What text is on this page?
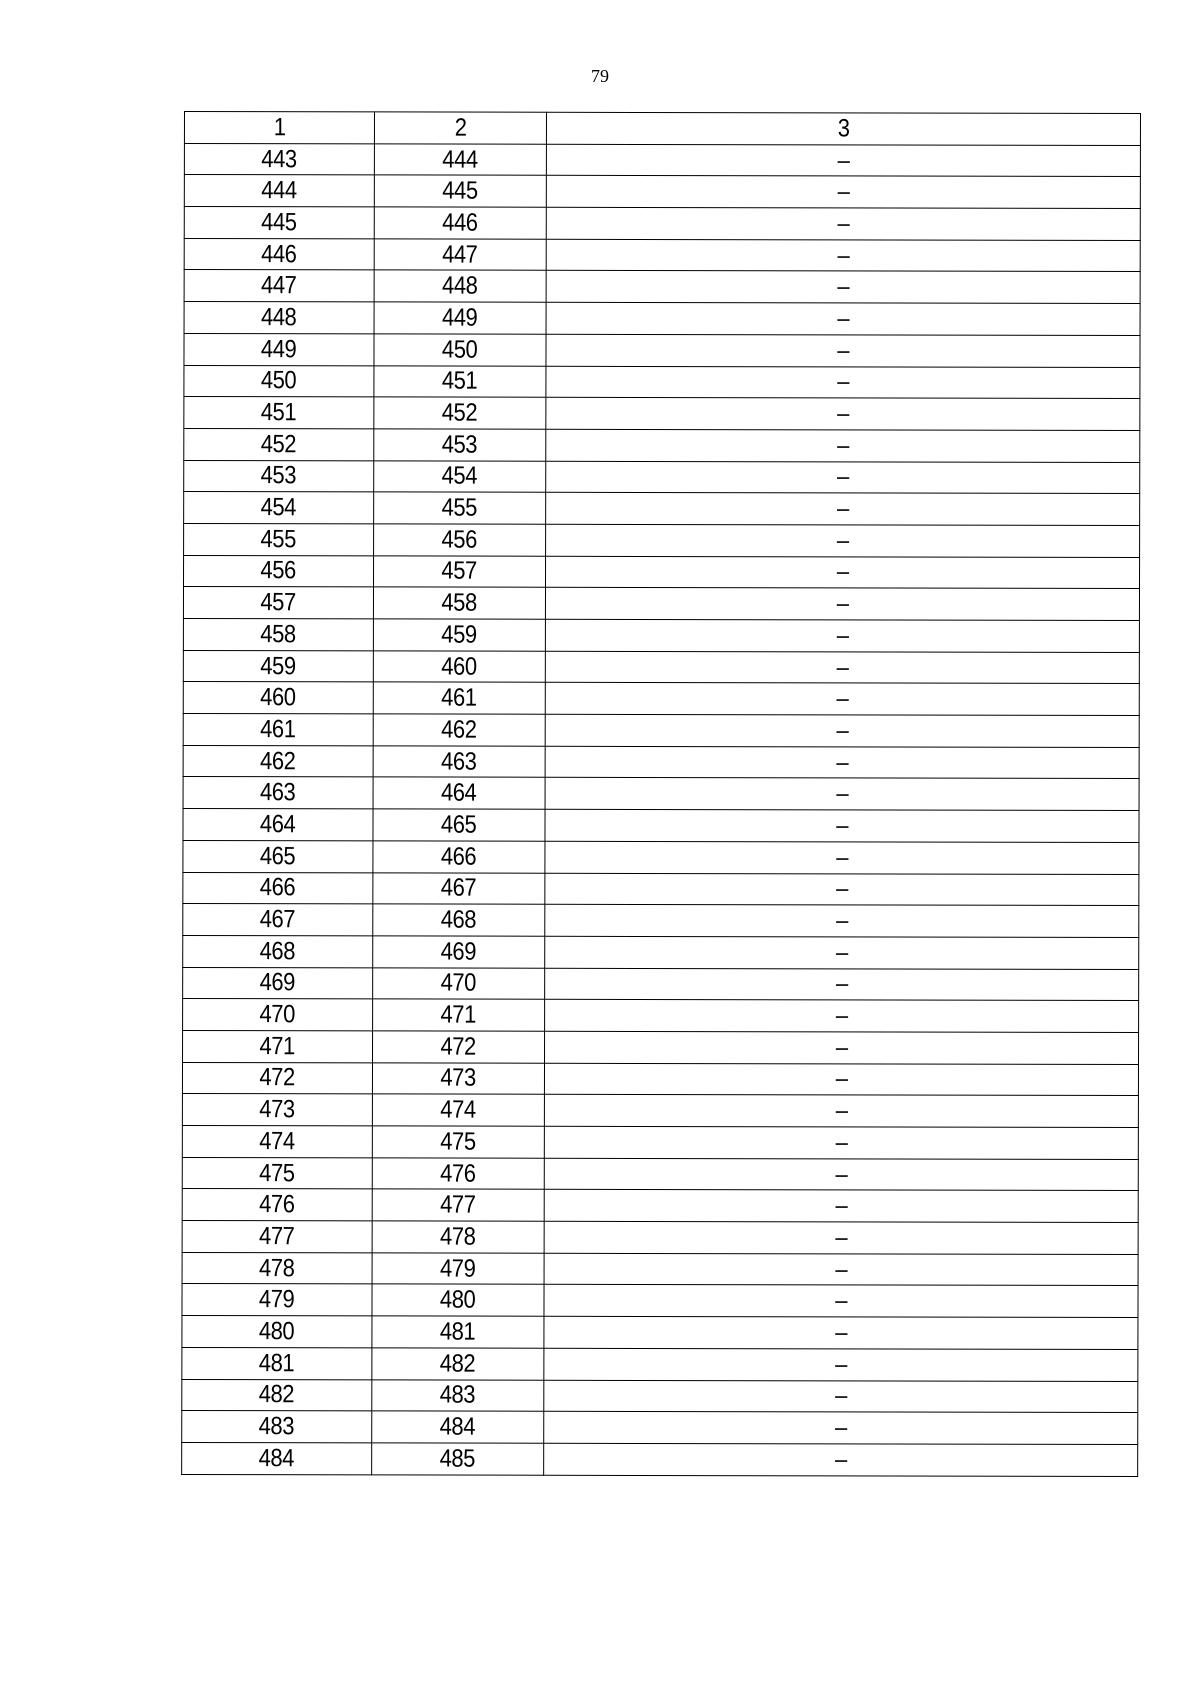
79
1	2	3
443	444	–
444	445	–
445	446	–
446	447	–
447	448	–
448	449	–
449	450	–
450	451	–
451	452	–
452	453	–
453	454	–
454	455	–
455	456	–
456	457	–
457	458	–
458	459	–
459	460	–
460	461	–
461	462	–
462	463	–
463	464	–
464	465	–
465	466	–
466	467	–
467	468	–
468	469	–
469	470	–
470	471	–
471	472	–
472	473	–
473	474	–
474	475	–
475	476	–
476	477	–
477	478	–
478	479	–
479	480	–
480	481	–
481	482	–
482	483	–
483	484	–
484	485	–
